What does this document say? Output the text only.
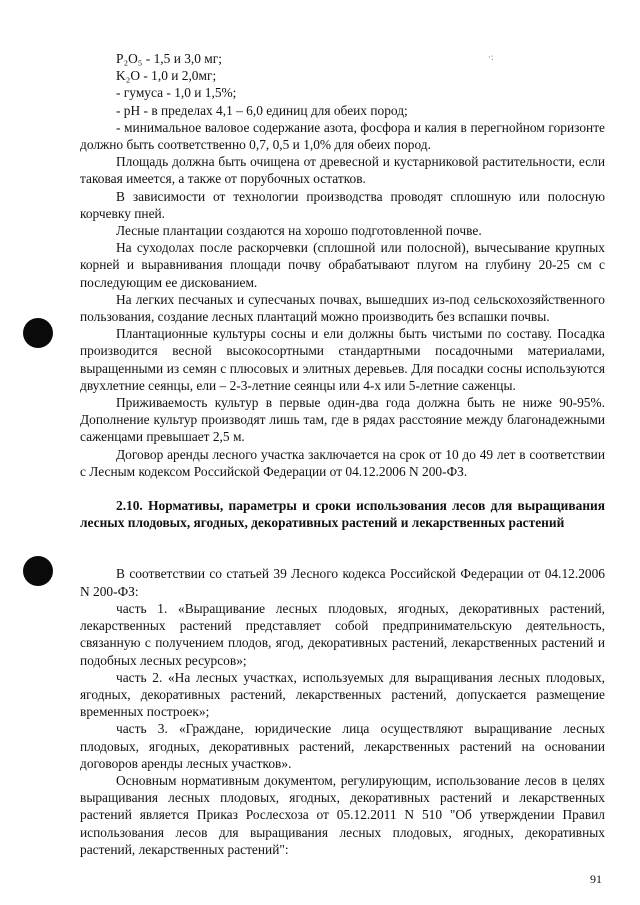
·:

P₂O₅ - 1,5 и 3,0 мг;

K₂O - 1,0 и 2,0мг;

- гумуса - 1,0 и 1,5%;

- рН - в пределах 4,1 – 6,0 единиц для обеих пород;

- минимальное валовое содержание азота, фосфора и калия в перегнойном горизонте должно быть соответственно 0,7, 0,5 и 1,0% для обеих пород.

Площадь должна быть очищена от древесной и кустарниковой растительности, если таковая имеется, а также от порубочных остатков.

В зависимости от технологии производства проводят сплошную или полосную корчевку пней.

Лесные плантации создаются на хорошо подготовленной почве.

На суходолах после раскорчевки (сплошной или полосной), вычесывание крупных корней и выравнивания площади почву обрабатывают плугом на глубину 20-25 см с последующим ее дискованием.

На легких песчаных и супесчаных почвах, вышедших из-под сельскохозяйственного пользования, создание лесных плантаций можно производить без вспашки почвы.

Плантационные культуры сосны и ели должны быть чистыми по составу. Посадка производится весной высокосортными стандартными посадочными материалами, выращенными из семян с плюсовых и элитных деревьев. Для посадки сосны используются двухлетние сеянцы, ели – 2-3-летние сеянцы или 4-х или 5-летние саженцы.

Приживаемость культур в первые один-два года должна быть не ниже 90-95%. Дополнение культур производят лишь там, где в рядах расстояние между благонадежными саженцами превышает 2,5 м.

Договор аренды лесного участка заключается на срок от 10 до 49 лет в соответствии с Лесным кодексом Российской Федерации от 04.12.2006 N 200-ФЗ.

2.10. Нормативы, параметры и сроки использования лесов для выращивания лесных плодовых, ягодных, декоративных растений и лекарственных растений

В соответствии со статьей 39 Лесного кодекса Российской Федерации от 04.12.2006 N 200-ФЗ:

часть 1. «Выращивание лесных плодовых, ягодных, декоративных растений, лекарственных растений представляет собой предпринимательскую деятельность, связанную с получением плодов, ягод, декоративных растений, лекарственных растений и подобных лесных ресурсов»;

часть 2. «На лесных участках, используемых для выращивания лесных плодовых, ягодных, декоративных растений, лекарственных растений, допускается размещение временных построек»;

часть 3. «Граждане, юридические лица осуществляют выращивание лесных плодовых, ягодных, декоративных растений, лекарственных растений на основании договоров аренды лесных участков».

Основным нормативным документом, регулирующим, использование лесов в целях выращивания лесных плодовых, ягодных, декоративных растений и лекарственных растений является Приказ Рослесхоза от 05.12.2011 N 510 "Об утверждении Правил использования лесов для выращивания лесных плодовых, ягодных, декоративных растений, лекарственных растений":

91
